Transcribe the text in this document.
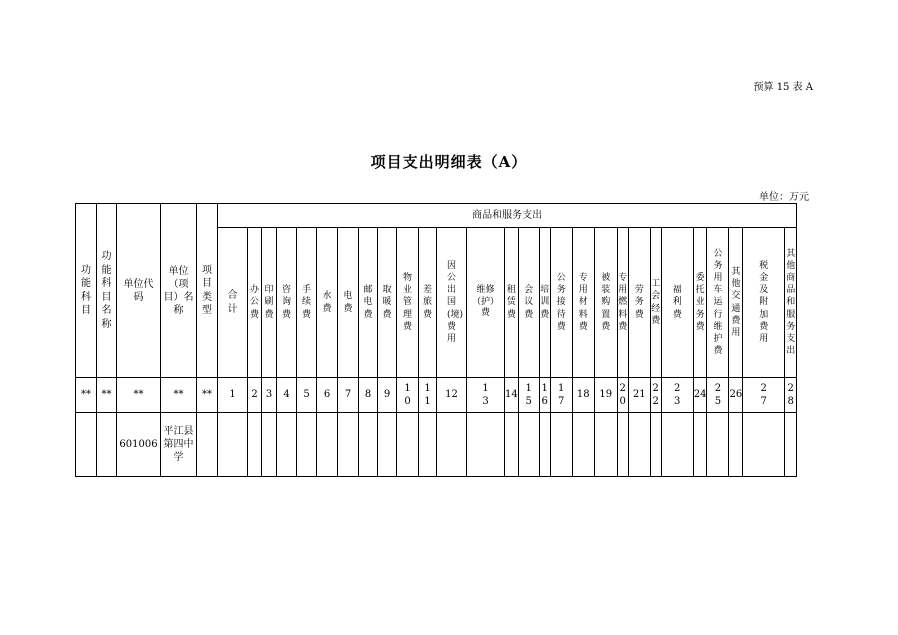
预算 15 表 A
项目支出明细表（A）
单位：万元
功能科目	功能科目名称	单位代码	单位（项目）名称	项目类型	商品和服务支出																											
					合计	办公费	印刷费	咨询费	手续费	水费	电费	邮电费	取暖费	物业管理费	差旅费	因公出国(境)费用	维修（护）费	租赁费	会议费	培训费	公务接待费	专用材料费	被装购置费	专用燃料费	劳务费	工会经费	福利费	委托业务费	公务用车运行维护费	其他交通费用	税金及附加费用	其他商品和服务支出
**	**	**	**	**	1	2	3	4	5	6	7	8	9	10	11	12	13	14	15	16	17	18	19	20	21	22	23	24	25	26	27	28
		601006	平江县第四中学																													
